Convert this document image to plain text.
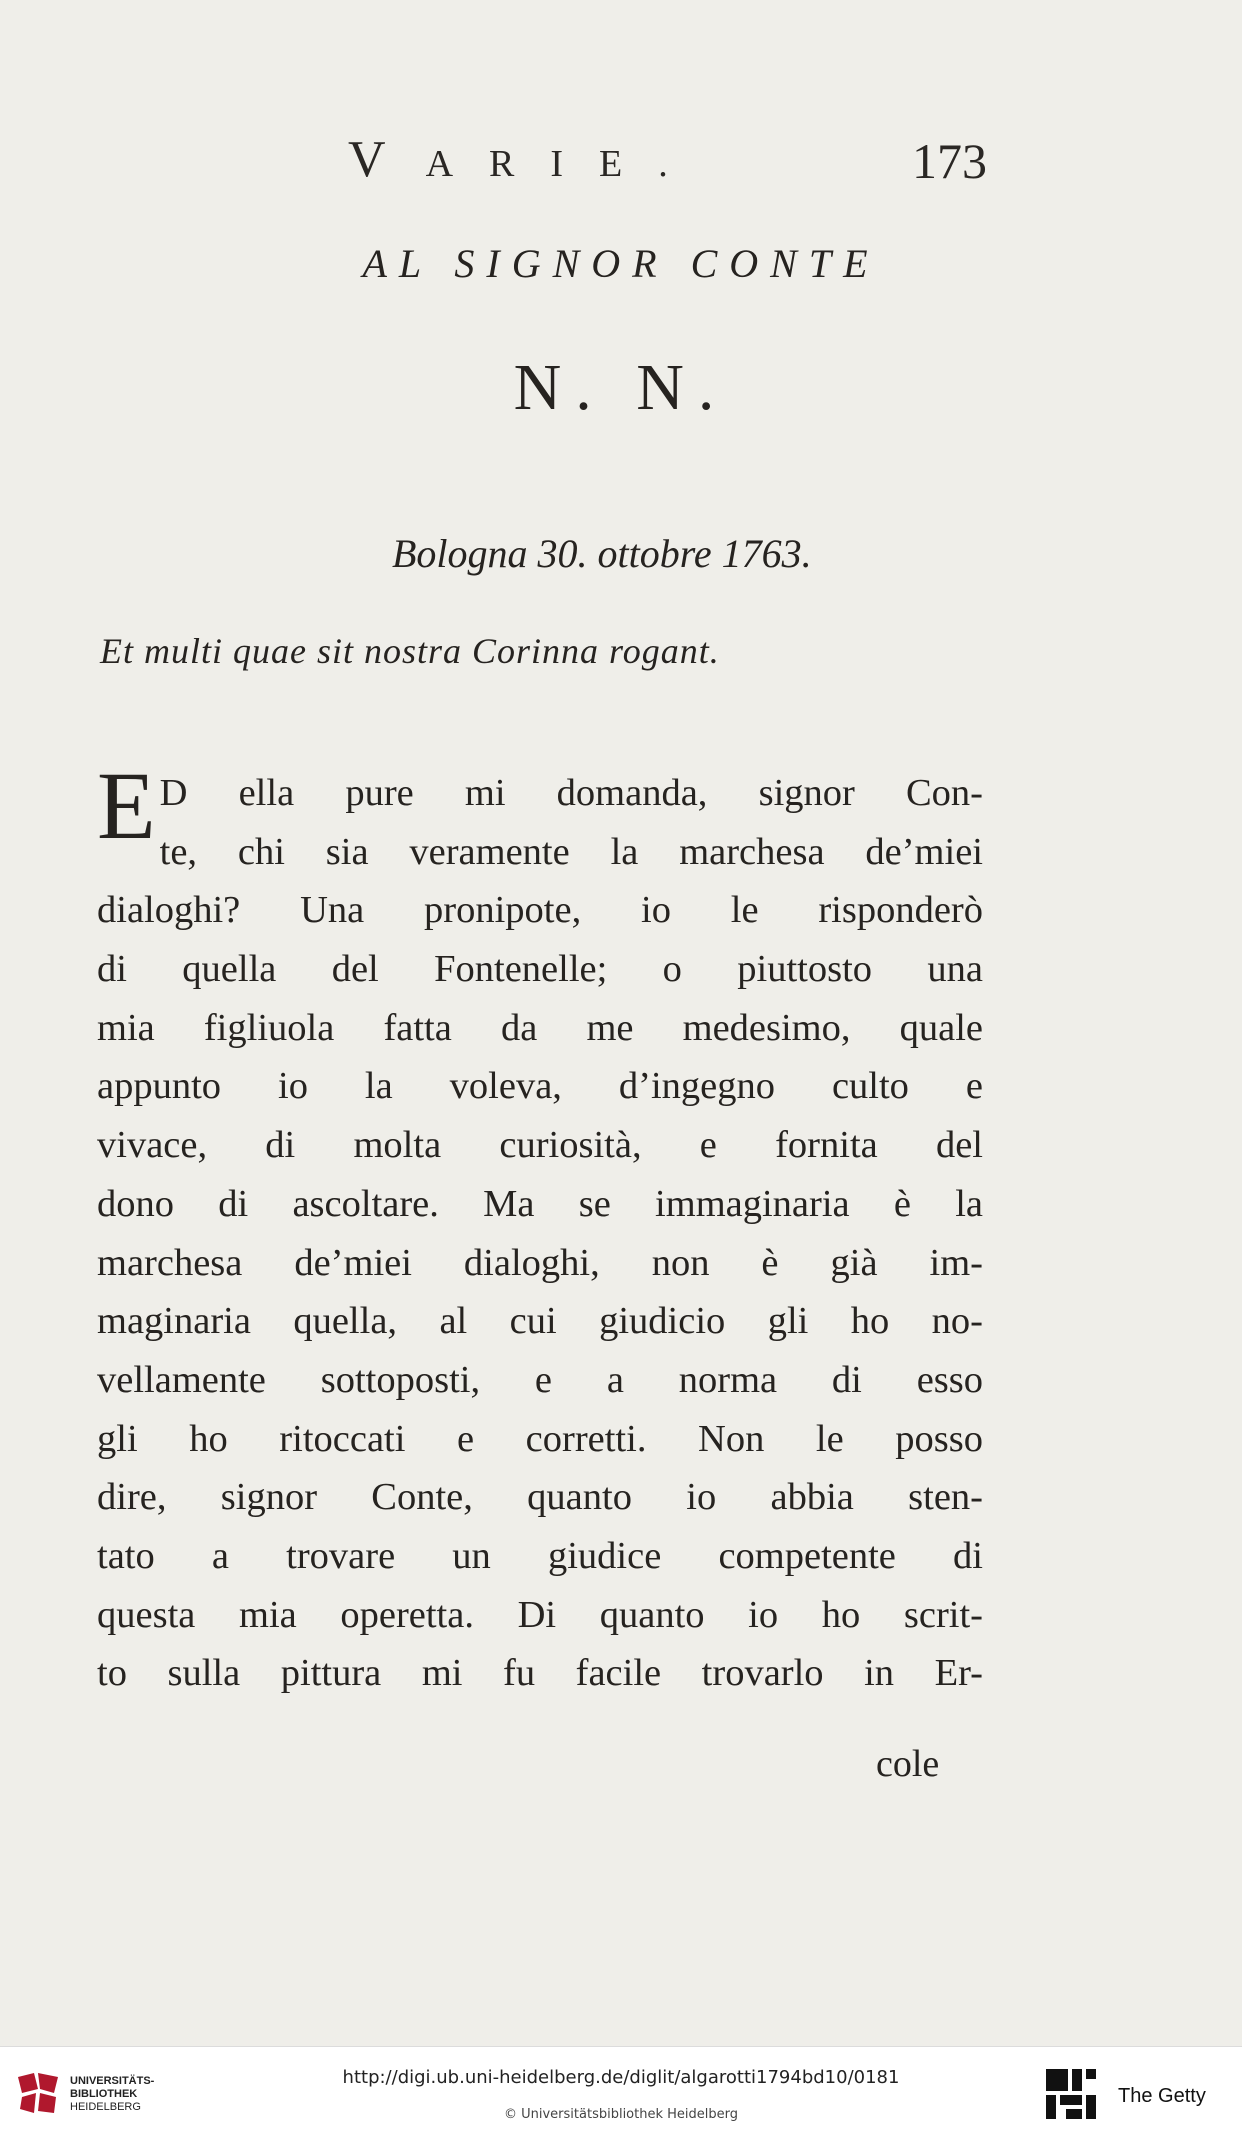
VARIE.	173
AL SIGNOR CONTE
N. N.
Bologna 30. ottobre 1763.
Et multi quae sit nostra Corinna rogant.
E D ella pure mi domanda, signor Con-
te, chi sia veramente la marchesa de’miei
dialoghi? Una pronipote, io le risponderò
di quella del Fontenelle; o piuttosto una
mia figliuola fatta da me medesimo, quale
appunto io la voleva, d’ingegno culto e
vivace, di molta curiosità, e fornita del
dono di ascoltare. Ma se immaginaria è la
marchesa de’miei dialoghi, non è già im-
maginaria quella, al cui giudicio gli ho no-
vellamente sottoposti, e a norma di esso
gli ho ritoccati e corretti. Non le posso
dire, signor Conte, quanto io abbia sten-
tato a trovare un giudice competente di
questa mia operetta. Di quanto io ho scrit-
to sulla pittura mi fu facile trovarlo in Er-
cole
UNIVERSITÄTS-
BIBLIOTHEK
HEIDELBERG
http://digi.ub.uni-heidelberg.de/diglit/algarotti1794bd10/0181
© Universitätsbibliothek Heidelberg
The Getty
